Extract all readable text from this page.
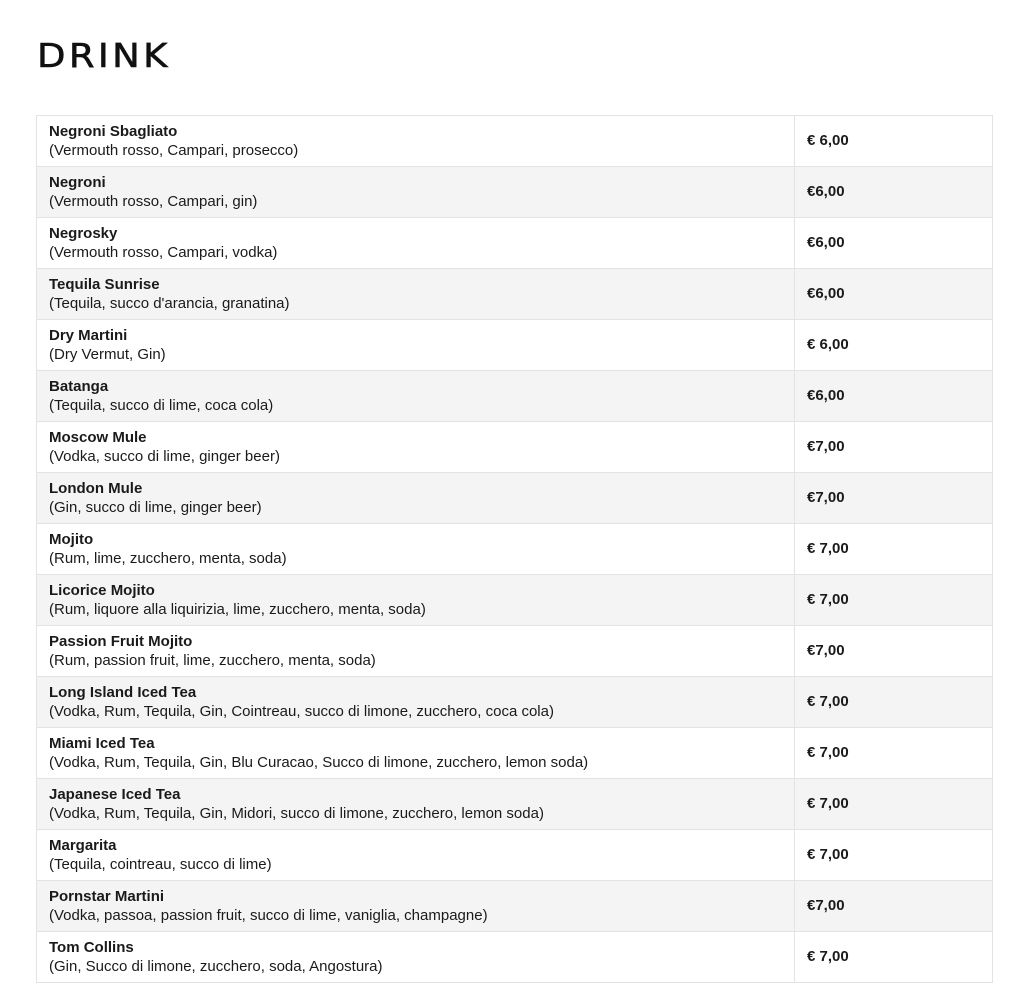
DRINK
Negroni Sbagliato
(Vermouth rosso, Campari, prosecco)	€ 6,00

Negroni
(Vermouth rosso, Campari, gin)	€6,00

Negrosky
(Vermouth rosso, Campari, vodka)	€6,00

Tequila Sunrise
(Tequila, succo d'arancia, granatina)	€6,00

Dry Martini
(Dry Vermut, Gin)	€ 6,00

Batanga
(Tequila, succo di lime, coca cola)	€6,00

Moscow Mule
(Vodka, succo di lime, ginger beer)	€7,00

London Mule
(Gin, succo di lime, ginger beer)	€7,00

Mojito
(Rum, lime, zucchero, menta, soda)	€ 7,00

Licorice Mojito
(Rum, liquore alla liquirizia, lime, zucchero, menta, soda)	€ 7,00

Passion Fruit Mojito
(Rum, passion fruit, lime, zucchero, menta, soda)	€7,00

Long Island Iced Tea
(Vodka, Rum, Tequila, Gin, Cointreau, succo di limone, zucchero, coca cola)	€ 7,00

Miami Iced Tea
(Vodka, Rum, Tequila, Gin, Blu Curacao, Succo di limone, zucchero, lemon soda)	€ 7,00

Japanese Iced Tea
(Vodka, Rum, Tequila, Gin, Midori, succo di limone, zucchero, lemon soda)	€ 7,00

Margarita
(Tequila, cointreau, succo di lime)	€ 7,00

Pornstar Martini
(Vodka, passoa, passion fruit, succo di lime, vaniglia, champagne)	€7,00

Tom Collins
(Gin, Succo di limone, zucchero, soda, Angostura)	€ 7,00
